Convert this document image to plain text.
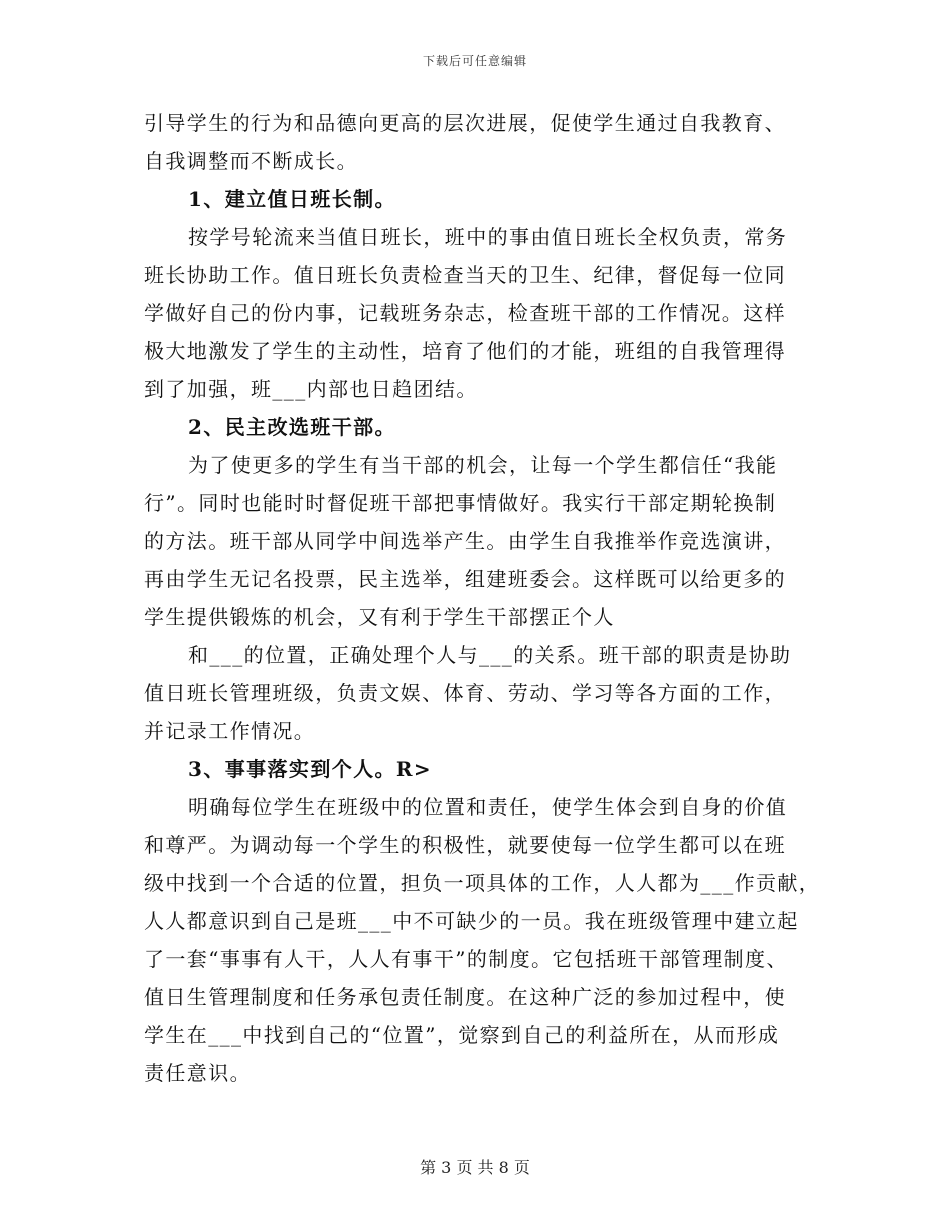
下载后可任意编辑
引导学生的行为和品德向更高的层次进展，促使学生通过自我教育、
自我调整而不断成长。
1、建立值日班长制。
按学号轮流来当值日班长，班中的事由值日班长全权负责，常务
班长协助工作。值日班长负责检查当天的卫生、纪律，督促每一位同
学做好自己的份内事，记载班务杂志，检查班干部的工作情况。这样
极大地激发了学生的主动性，培育了他们的才能，班组的自我管理得
到了加强，班___内部也日趋团结。
2、民主改选班干部。
为了使更多的学生有当干部的机会，让每一个学生都信任“我能
行”。同时也能时时督促班干部把事情做好。我实行干部定期轮换制
的方法。班干部从同学中间选举产生。由学生自我推举作竞选演讲，
再由学生无记名投票，民主选举，组建班委会。这样既可以给更多的
学生提供锻炼的机会，又有利于学生干部摆正个人
和___的位置，正确处理个人与___的关系。班干部的职责是协助
值日班长管理班级，负责文娱、体育、劳动、学习等各方面的工作，
并记录工作情况。
3、事事落实到个人。R>
明确每位学生在班级中的位置和责任，使学生体会到自身的价值
和尊严。为调动每一个学生的积极性，就要使每一位学生都可以在班
级中找到一个合适的位置，担负一项具体的工作，人人都为___作贡献，
人人都意识到自己是班___中不可缺少的一员。我在班级管理中建立起
了一套“事事有人干，人人有事干”的制度。它包括班干部管理制度、
值日生管理制度和任务承包责任制度。在这种广泛的参加过程中，使
学生在___中找到自己的“位置”，觉察到自己的利益所在，从而形成
责任意识。
第 3 页 共 8 页
